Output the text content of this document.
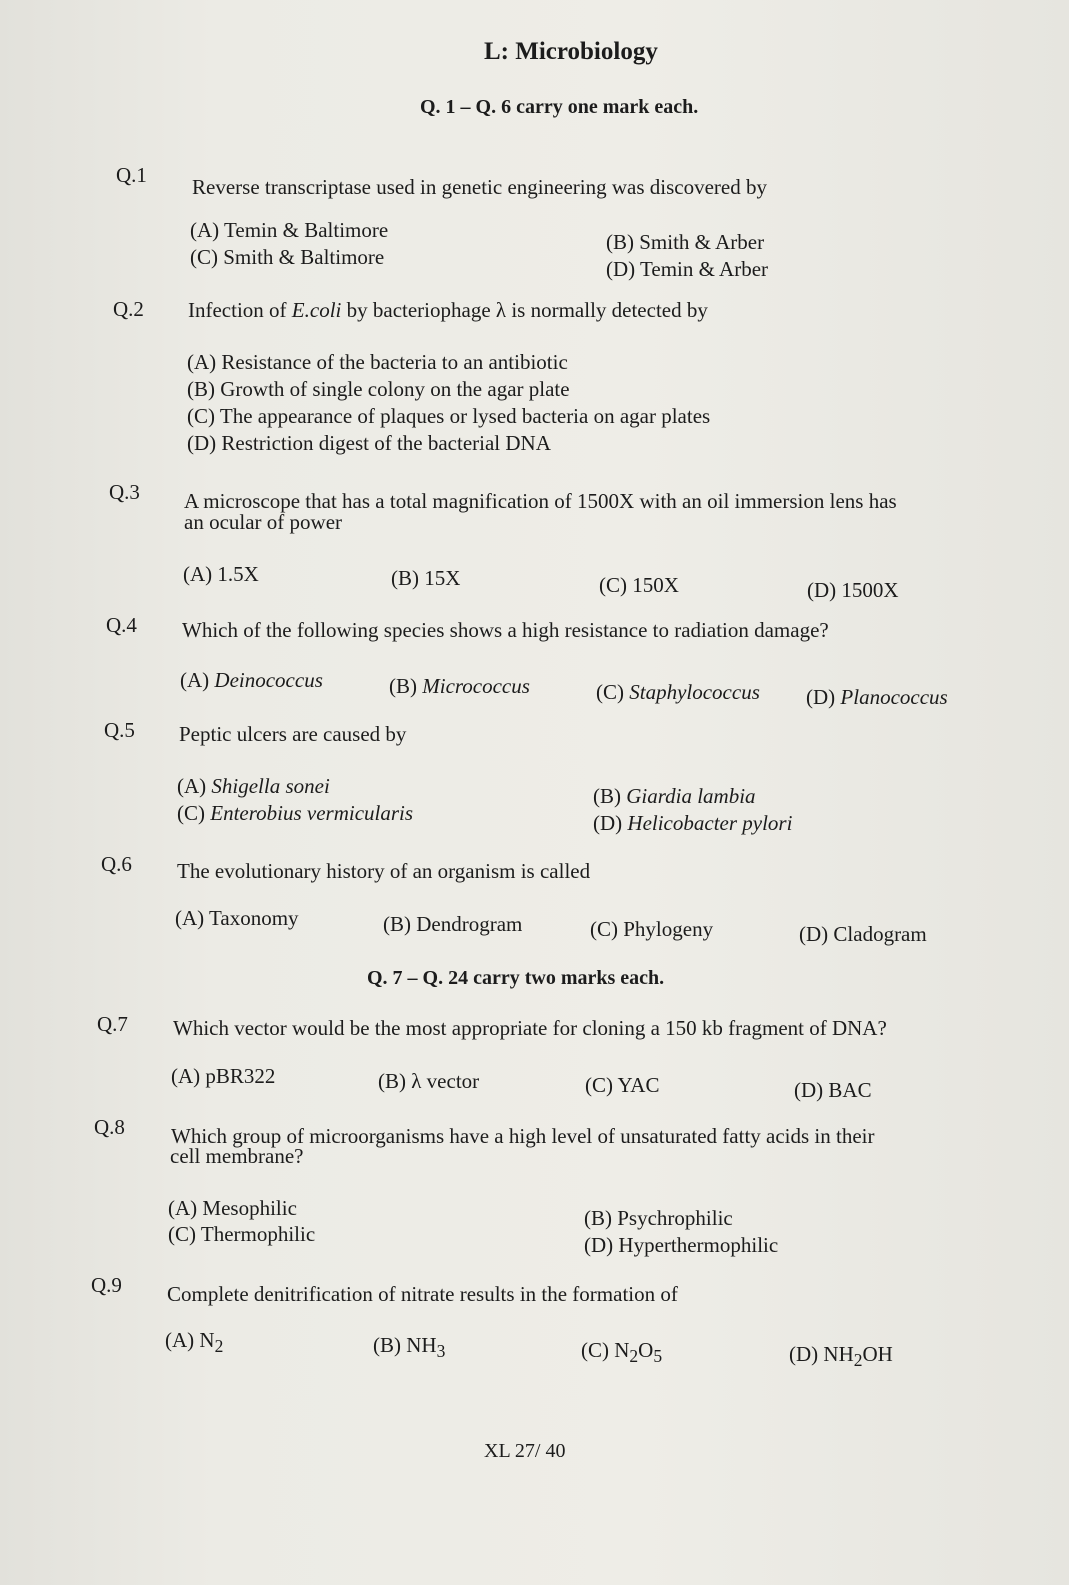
L: Microbiology
Q. 1 – Q. 6 carry one mark each.
Q.1 Reverse transcriptase used in genetic engineering was discovered by
(A) Temin & Baltimore	(B) Smith & Arber
(C) Smith & Baltimore	(D) Temin & Arber
Q.2 Infection of E.coli by bacteriophage λ is normally detected by
(A) Resistance of the bacteria to an antibiotic
(B) Growth of single colony on the agar plate
(C) The appearance of plaques or lysed bacteria on agar plates
(D) Restriction digest of the bacterial DNA
Q.3 A microscope that has a total magnification of 1500X with an oil immersion lens has
an ocular of power
(A) 1.5X	(B) 15X	(C) 150X	(D) 1500X
Q.4 Which of the following species shows a high resistance to radiation damage?
(A) Deinococcus	(B) Micrococcus	(C) Staphylococcus (D) Planococcus
Q.5 Peptic ulcers are caused by
(A) Shigella sonei	(B) Giardia lambia
(C) Enterobius vermicularis	(D) Helicobacter pylori
Q.6 The evolutionary history of an organism is called
(A) Taxonomy	(B) Dendrogram	(C) Phylogeny	(D) Cladogram
Q. 7 – Q. 24 carry two marks each.
Q.7 Which vector would be the most appropriate for cloning a 150 kb fragment of DNA?
(A) pBR322	(B) λ vector	(C) YAC	(D) BAC
Q.8 Which group of microorganisms have a high level of unsaturated fatty acids in their
cell membrane?
(A) Mesophilic	(B) Psychrophilic
(C) Thermophilic	(D) Hyperthermophilic
Q.9 Complete denitrification of nitrate results in the formation of
(A) $N_2$	(B) $NH_3$	(C) $N_2O_5$	(D) $NH_2OH$
XL 27/ 40
